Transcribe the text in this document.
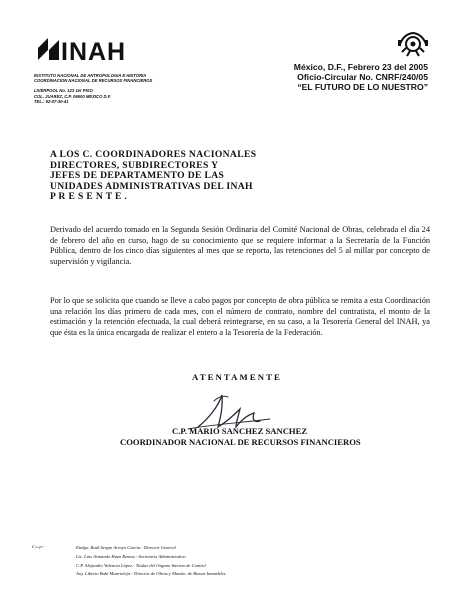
INAH
INSTITUTO NACIONAL DE ANTROPOLOGIA E HISTORIA
COORDINACION NACIONAL DE RECURSOS FINANCIEROS
LIVERPOOL No. 123 1er PISO
COL. JUAREZ, C.P. 06600 MEXICO D.F.
TEL.: 52-07-30-41
México, D.F., Febrero 23 del 2005
Oficio-Circular No. CNRF/240/05
“EL FUTURO DE LO NUESTRO”
A LOS C. COORDINADORES NACIONALES
DIRECTORES, SUBDIRECTORES Y
JEFES DE DEPARTAMENTO DE LAS
UNIDADES ADMINISTRATIVAS DEL INAH
P R E S E N T E .

Derivado del acuerdo tomado en la Segunda Sesión Ordinaria del Comité Nacional de Obras, celebrada el día 24 de febrero del año en curso, hago de su conocimiento que se requiere informar a la Secretaría de la Función Pública, dentro de los cinco días siguientes al mes que se reporta, las retenciones del 5 al millar por concepto de supervisión y vigilancia.

Por lo que se solicita que cuando se lleve a cabo pagos por concepto de obra pública se remita a esta Coordinación una relación los días primero de cada mes, con el número de contrato, nombre del contratista, el monto de la estimación y la retención efectuada, la cual deberá reintegrarse, en su caso, a la Tesorería General del INAH, ya que ésta es la única encargada de realizar el entero a la Tesorería de la Federación.

ATENTAMENTE
C.P. MARIO SANCHEZ SANCHEZ
COORDINADOR NACIONAL DE RECURSOS FINANCIEROS
C.c.p.-	Etnlgo. Raúl Sergio Arroyo García.- Director General
Lic. Luis Armando Haza Remus.- Secretario Administrativo
C.P. Alejandro Valencia López.- Titular del Organo Interno de Control
Arq. Liberto Bahí Manriolejo.- Director de Obras y Mantto. de Bienes Inmuebles.
